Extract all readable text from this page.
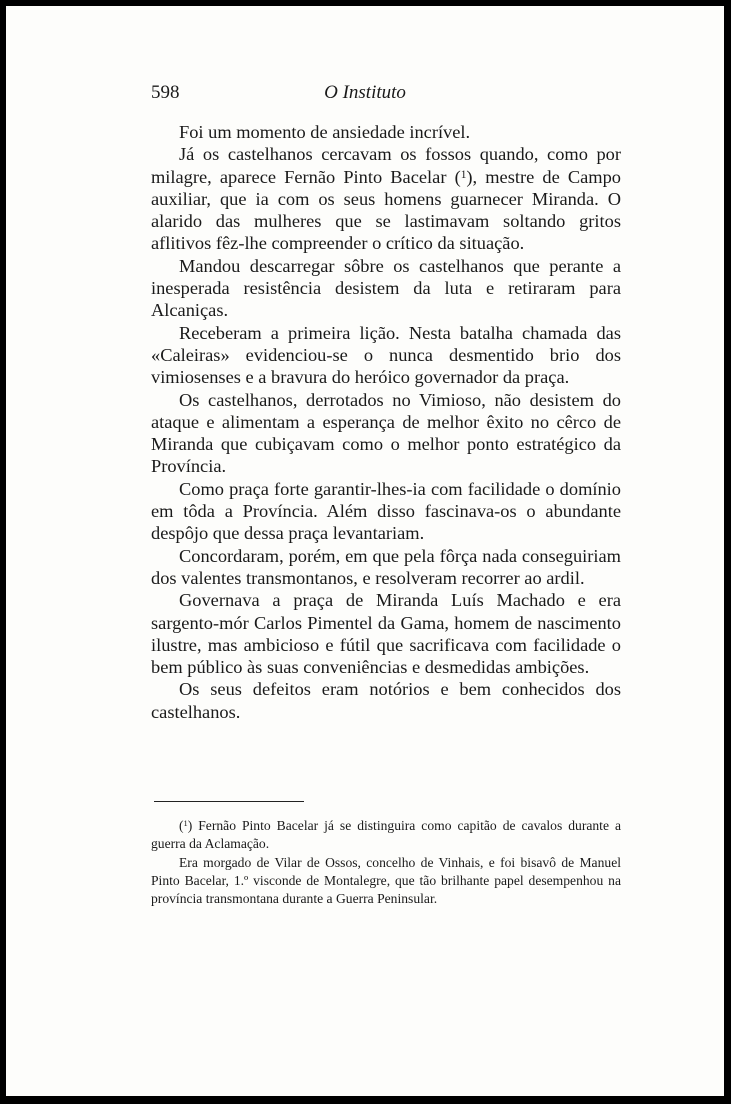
598	O Instituto

Foi um momento de ansiedade incrível.

Já os castelhanos cercavam os fossos quando, como por milagre, aparece Fernão Pinto Bacelar ($^1$), mestre de Campo auxiliar, que ia com os seus homens guarnecer Miranda. O alarido das mulheres que se lastimavam soltando gritos aflitivos fêz-lhe compreender o crítico da situação.

Mandou descarregar sôbre os castelhanos que perante a inesperada resistência desistem da luta e retiraram para Alcaniças.

Receberam a primeira lição. Nesta batalha chamada das «Caleiras» evidenciou-se o nunca desmentido brio dos vimiosenses e a bravura do heróico governador da praça.

Os castelhanos, derrotados no Vimioso, não desistem do ataque e alimentam a esperança de melhor êxito no cêrco de Miranda que cubiçavam como o melhor ponto estratégico da Província.

Como praça forte garantir-lhes-ia com facilidade o domínio em tôda a Província. Além disso fascinava-os o abundante despôjo que dessa praça levantariam.

Concordaram, porém, em que pela fôrça nada conseguiriam dos valentes transmontanos, e resolveram recorrer ao ardil.

Governava a praça de Miranda Luís Machado e era sargento-mór Carlos Pimentel da Gama, homem de nascimento ilustre, mas ambicioso e fútil que sacrificava com facilidade o bem público às suas conveniências e desmedidas ambições.

Os seus defeitos eram notórios e bem conhecidos dos castelhanos.

($^1$) Fernão Pinto Bacelar já se distinguira como capitão de cavalos durante a guerra da Aclamação.

Era morgado de Vilar de Ossos, concelho de Vinhais, e foi bisavô de Manuel Pinto Bacelar, 1.º visconde de Montalegre, que tão brilhante papel desempenhou na província transmontana durante a Guerra Peninsular.
